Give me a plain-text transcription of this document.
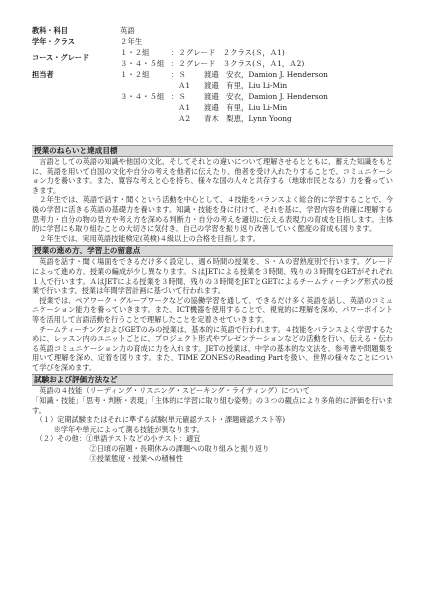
教科・科目	英語
学年・クラス	２年生
コース・グレード
１・２組	：２グレード　２クラス(Ｓ，Ａ1)
３・４・５組 ：２グレード　３クラス(Ｓ，Ａ1，Ａ2)
担当者	１・２組	：Ｓ 渡邉　安衣，Damion J. Henderson
Ａ1 渡邉　有里，Liu Li-Min
３・４・５組 ：Ｓ 渡邉　安衣，Damion J. Henderson
Ａ1 渡邉　有里，Liu Li-Min
Ａ2 青木　梨恵，Lynn Yoong
授業のねらいと達成目標

　言語としての英語の知識や他国の文化、そしてそれとの違いについて理解させるとともに、蓄えた知識をもとに、英語を用いて自国の文化や自分の考えを他者に伝えたり、他者を受け入れたりすることで、コミュニケーション力を養います。また、寛容な考えと心を持ち、様々な国の人々と共存する（地球市民となる）力を養っていきます。

　２年生では、英語で話す・聞くという活動を中心として、４技能をバランスよく総合的に学習することで、今後の学習に活きる英語の基礎力を養います。知識・技能を身に付けて、それを基に、学習内容を的確に理解する思考力・自分の物の見方や考え方を深める判断力・自分の考えを適切に伝える表現力の育成を目指します。主体的に学習にも取り組むことの大切さに気付き、自己の学習を振り返り改善していく態度の育成も図ります。

　２年生では、実用英語技能検定(英検)４級以上の合格を目指します。

授業の進め方、学習上の留意点

　英語を話す・聞く場面をできるだけ多く設定し、週６時間の授業を、Ｓ・Ａの習熟度別で行います。グレードによって進め方、授業の編成が少し異なります。ＳはJETによる授業を３時間、残りの３時間をGETがそれぞれ１人で行います。ＡはJETによる授業を３時間、残りの３時間をJETとGETによるチームティーチング形式の授業で行います。授業は年間学習計画に基づいて行われます。

　授業では、ペアワーク・グループワークなどの協働学習を通して、できるだけ多く英語を話し、英語のコミュニケーション能力を養っていきます。また、ICT機器を使用することで、視覚的に理解を深め、パワーポイント等を活用して言語活動を行うことで理解したことを定着させていきます。

　チームティーチングおよびGETのみの授業は、基本的に英語で行われます。４技能をバランスよく学習するために、レッスン内のユニットごとに、プロジェクト形式やプレゼンテーションなどの活動を行い、伝える・伝わる英語コミュニケーション力の育成に力を入れます。JETの授業は、中学の基本的な文法を、参考書や問題集を用いて理解を深め、定着を図ります。また、TIME ZONESのReading Partを扱い、世界の様々なことについて学びを深めます。

試験および評価方法など
　英語の４技能（リーディング・リスニング・スピーキング・ライティング）について
「知識・技能」「思考・判断・表現」「主体的に学習に取り組む姿勢」の３つの観点により多角的に評価を行います。
　（１）定期試験またはそれに準ずる試験(単元確認テスト・課題確認テスト等)
　　　※学年や単元によって測る技能が異なります。
　（２）その他：①単語テストなどの小テスト：適宜
　　　　　　　　②日頃の宿題・長期休みの課題への取り組みと振り返り
　　　　　　　　③授業態度・授業への積極性
